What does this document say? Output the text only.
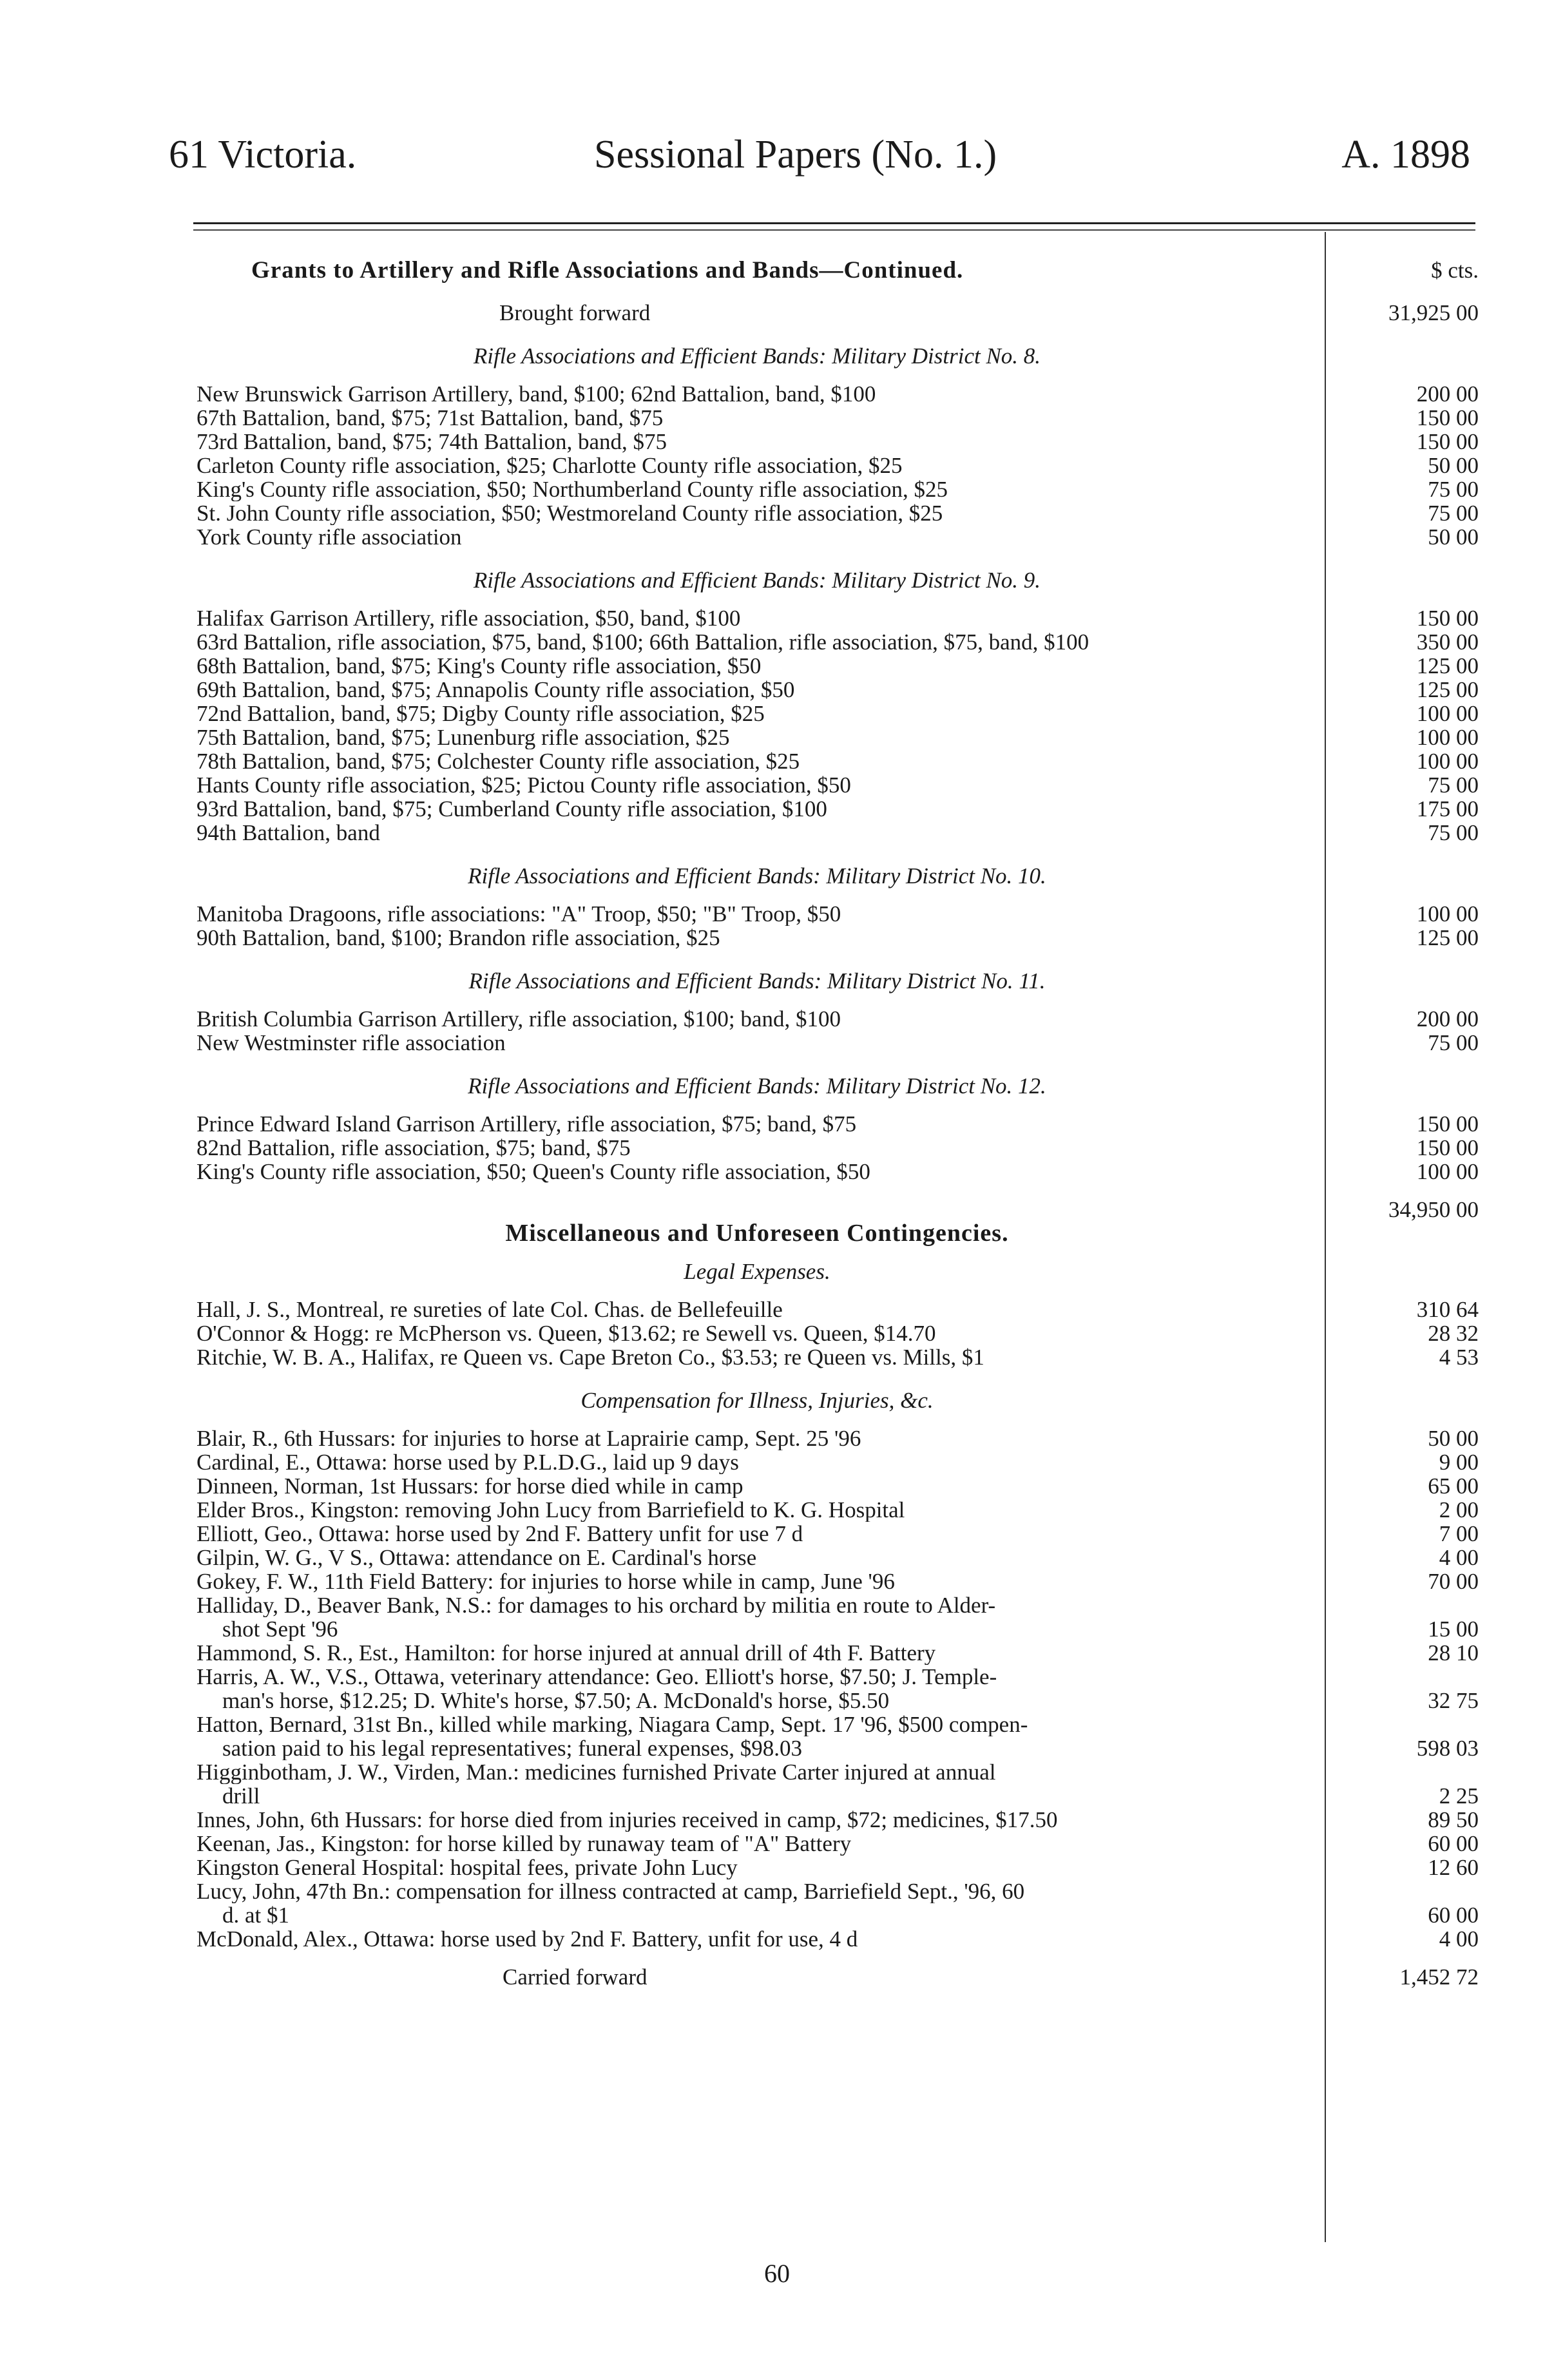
61 Victoria.	Sessional Papers (No. 1.)	A. 1898
Grants to Artillery and Rifle Associations and Bands—Continued.	$ cts.
Brought forward	31,925 00
Rifle Associations and Efficient Bands: Military District No. 8.
New Brunswick Garrison Artillery, band, $100; 62nd Battalion, band, $100	200 00
67th Battalion, band, $75; 71st Battalion, band, $75	150 00
73rd Battalion, band, $75; 74th Battalion, band, $75	150 00
Carleton County rifle association, $25; Charlotte County rifle association, $25	50 00
King's County rifle association, $50; Northumberland County rifle association, $25	75 00
St. John County rifle association, $50; Westmoreland County rifle association, $25	75 00
York County rifle association	50 00
Rifle Associations and Efficient Bands: Military District No. 9.
Halifax Garrison Artillery, rifle association, $50, band, $100	150 00
63rd Battalion, rifle association, $75, band, $100; 66th Battalion, rifle association, $75, band, $100	350 00
68th Battalion, band, $75; King's County rifle association, $50	125 00
69th Battalion, band, $75; Annapolis County rifle association, $50	125 00
72nd Battalion, band, $75; Digby County rifle association, $25	100 00
75th Battalion, band, $75; Lunenburg rifle association, $25	100 00
78th Battalion, band, $75; Colchester County rifle association, $25	100 00
Hants County rifle association, $25; Pictou County rifle association, $50	75 00
93rd Battalion, band, $75; Cumberland County rifle association, $100	175 00
94th Battalion, band	75 00
Rifle Associations and Efficient Bands: Military District No. 10.
Manitoba Dragoons, rifle associations: "A" Troop, $50; "B" Troop, $50	100 00
90th Battalion, band, $100; Brandon rifle association, $25	125 00
Rifle Associations and Efficient Bands: Military District No. 11.
British Columbia Garrison Artillery, rifle association, $100; band, $100	200 00
New Westminster rifle association	75 00
Rifle Associations and Efficient Bands: Military District No. 12.
Prince Edward Island Garrison Artillery, rifle association, $75; band, $75	150 00
82nd Battalion, rifle association, $75; band, $75	150 00
King's County rifle association, $50; Queen's County rifle association, $50	100 00
34,950 00
Miscellaneous and Unforeseen Contingencies.
Legal Expenses.
Hall, J. S., Montreal, re sureties of late Col. Chas. de Bellefeuille	310 64
O'Connor & Hogg: re McPherson vs. Queen, $13.62; re Sewell vs. Queen, $14.70	28 32
Ritchie, W. B. A., Halifax, re Queen vs. Cape Breton Co., $3.53; re Queen vs. Mills, $1	4 53
Compensation for Illness, Injuries, &c.
Blair, R., 6th Hussars: for injuries to horse at Laprairie camp, Sept. 25 '96	50 00
Cardinal, E., Ottawa: horse used by P.L.D.G., laid up 9 days	9 00
Dinneen, Norman, 1st Hussars: for horse died while in camp	65 00
Elder Bros., Kingston: removing John Lucy from Barriefield to K. G. Hospital	2 00
Elliott, Geo., Ottawa: horse used by 2nd F. Battery unfit for use 7 d	7 00
Gilpin, W. G., V S., Ottawa: attendance on E. Cardinal's horse	4 00
Gokey, F. W., 11th Field Battery: for injuries to horse while in camp, June '96	70 00
Halliday, D., Beaver Bank, N.S.: for damages to his orchard by militia en route to Alder-
shot Sept '96	15 00
Hammond, S. R., Est., Hamilton: for horse injured at annual drill of 4th F. Battery	28 10
Harris, A. W., V.S., Ottawa, veterinary attendance: Geo. Elliott's horse, $7.50; J. Temple-
man's horse, $12.25; D. White's horse, $7.50; A. McDonald's horse, $5.50	32 75
Hatton, Bernard, 31st Bn., killed while marking, Niagara Camp, Sept. 17 '96, $500 compen-
sation paid to his legal representatives; funeral expenses, $98.03	598 03
Higginbotham, J. W., Virden, Man.: medicines furnished Private Carter injured at annual
drill	2 25
Innes, John, 6th Hussars: for horse died from injuries received in camp, $72; medicines, $17.50	89 50
Keenan, Jas., Kingston: for horse killed by runaway team of "A" Battery	60 00
Kingston General Hospital: hospital fees, private John Lucy	12 60
Lucy, John, 47th Bn.: compensation for illness contracted at camp, Barriefield Sept., '96, 60
d. at $1	60 00
McDonald, Alex., Ottawa: horse used by 2nd F. Battery, unfit for use, 4 d	4 00
Carried forward	1,452 72
60
